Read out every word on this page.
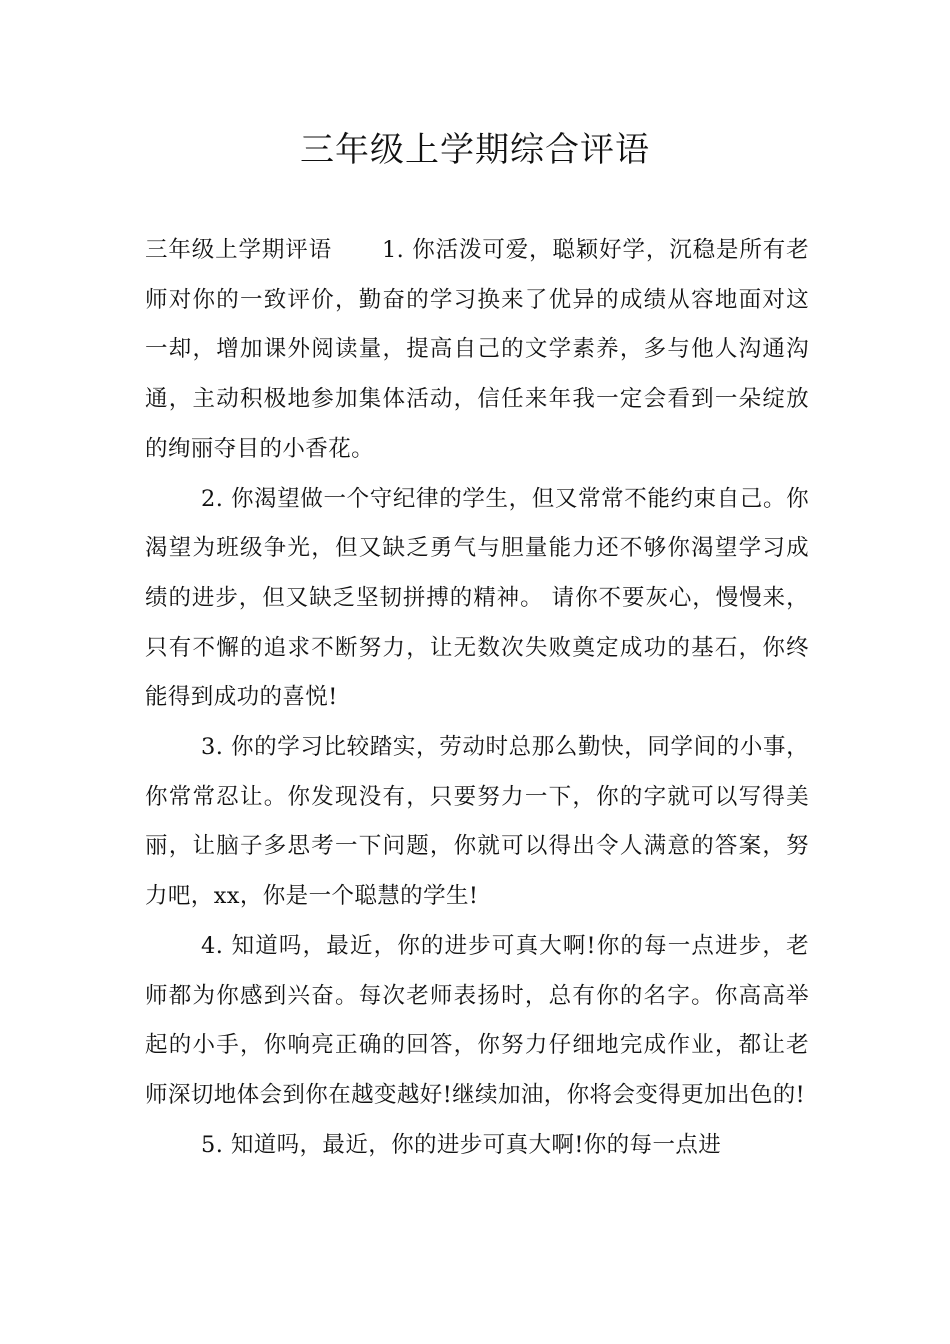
三年级上学期综合评语

三年级上学期评语 1. 你活泼可爱，聪颖好学，沉稳是所有老师对你的一致评价，勤奋的学习换来了优异的成绩从容地面对这一却，增加课外阅读量，提高自己的文学素养，多与他人沟通沟通，主动积极地参加集体活动，信任来年我一定会看到一朵绽放的绚丽夺目的小香花。

2. 你渴望做一个守纪律的学生，但又常常不能约束自己。你渴望为班级争光，但又缺乏勇气与胆量能力还不够你渴望学习成绩的进步，但又缺乏坚韧拼搏的精神。 请你不要灰心，慢慢来，只有不懈的追求不断努力，让无数次失败奠定成功的基石，你终能得到成功的喜悦!

3. 你的学习比较踏实，劳动时总那么勤快，同学间的小事，你常常忍让。你发现没有，只要努力一下，你的字就可以写得美丽，让脑子多思考一下问题，你就可以得出令人满意的答案，努力吧，xx，你是一个聪慧的学生!

4. 知道吗，最近，你的进步可真大啊!你的每一点进步，老师都为你感到兴奋。每次老师表扬时，总有你的名字。你高高举起的小手，你响亮正确的回答，你努力仔细地完成作业，都让老师深切地体会到你在越变越好!继续加油，你将会变得更加出色的!

5. 知道吗，最近，你的进步可真大啊!你的每一点进
